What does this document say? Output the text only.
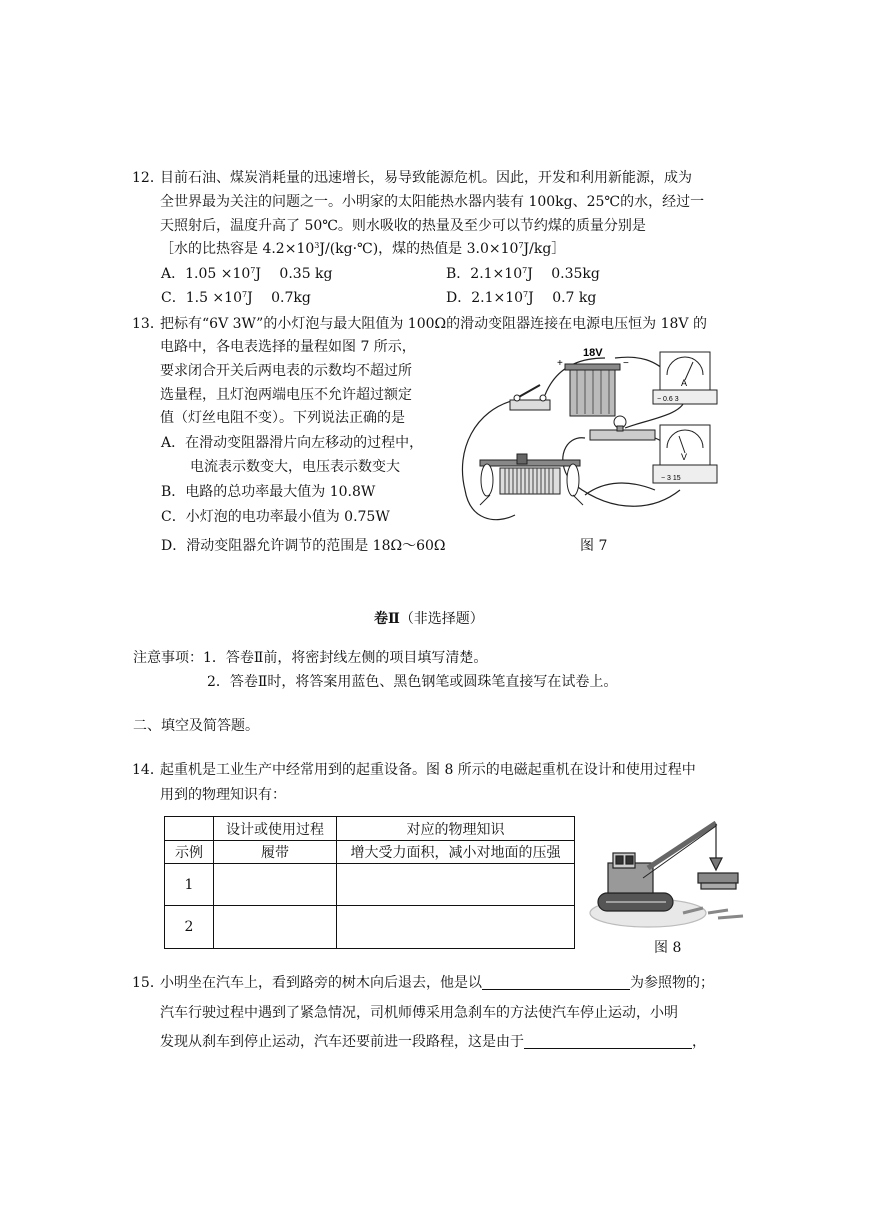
12．
目前石油、煤炭消耗量的迅速增长，易导致能源危机。因此，开发和利用新能源，成为
全世界最为关注的问题之一。小明家的太阳能热水器内装有 100kg、25℃的水，经过一
天照射后，温度升高了 50℃。则水吸收的热量及至少可以节约煤的质量分别是
［水的比热容是 $4.2\times 10^3J/(kg\cdot℃)$，煤的热值是 $3.0\times 10^7J/kg]$
A．$1.05 \times 10^7J$　 0.35 kg	B．$2.1\times 10^7J$　 0.35kg
C．$1.5 \times 10^7J$　 0.7kg	D．$2.1\times 10^7J$　 0.7 kg
13．
把标有“6V 3W”的小灯泡与最大阻值为 100Ω的滑动变阻器连接在电源电压恒为 18V 的
电路中，各电表选择的量程如图 7 所示，
要求闭合开关后两电表的示数均不超过所
选量程，且灯泡两端电压不允许超过额定
值（灯丝电阻不变）。下列说法正确的是
A．在滑动变阻器滑片向左移动的过程中，
电流表示数变大，电压表示数变大
B．电路的总功率最大值为 10.8W
C．小灯泡的电功率最小值为 0.75W
D．滑动变阻器允许调节的范围是 18Ω～60Ω
18V
+	−
A
− 0.6 3
V
− 3 15
图 7
卷Ⅱ（非选择题）
注意事项：1．答卷Ⅱ前，将密封线左侧的项目填写清楚。
2．答卷Ⅱ时，将答案用蓝色、黑色钢笔或圆珠笔直接写在试卷上。
二、填空及简答题。
14．
起重机是工业生产中经常用到的起重设备。图 8 所示的电磁起重机在设计和使用过程中
用到的物理知识有：
	设计或使用过程	对应的物理知识
示例	履带	增大受力面积，减小对地面的压强
1		
2		
图 8
15．
小明坐在汽车上，看到路旁的树木向后退去，他是以	为参照物的；
汽车行驶过程中遇到了紧急情况，司机师傅采用急刹车的方法使汽车停止运动，小明
发现从刹车到停止运动，汽车还要前进一段路程，这是由于	，
